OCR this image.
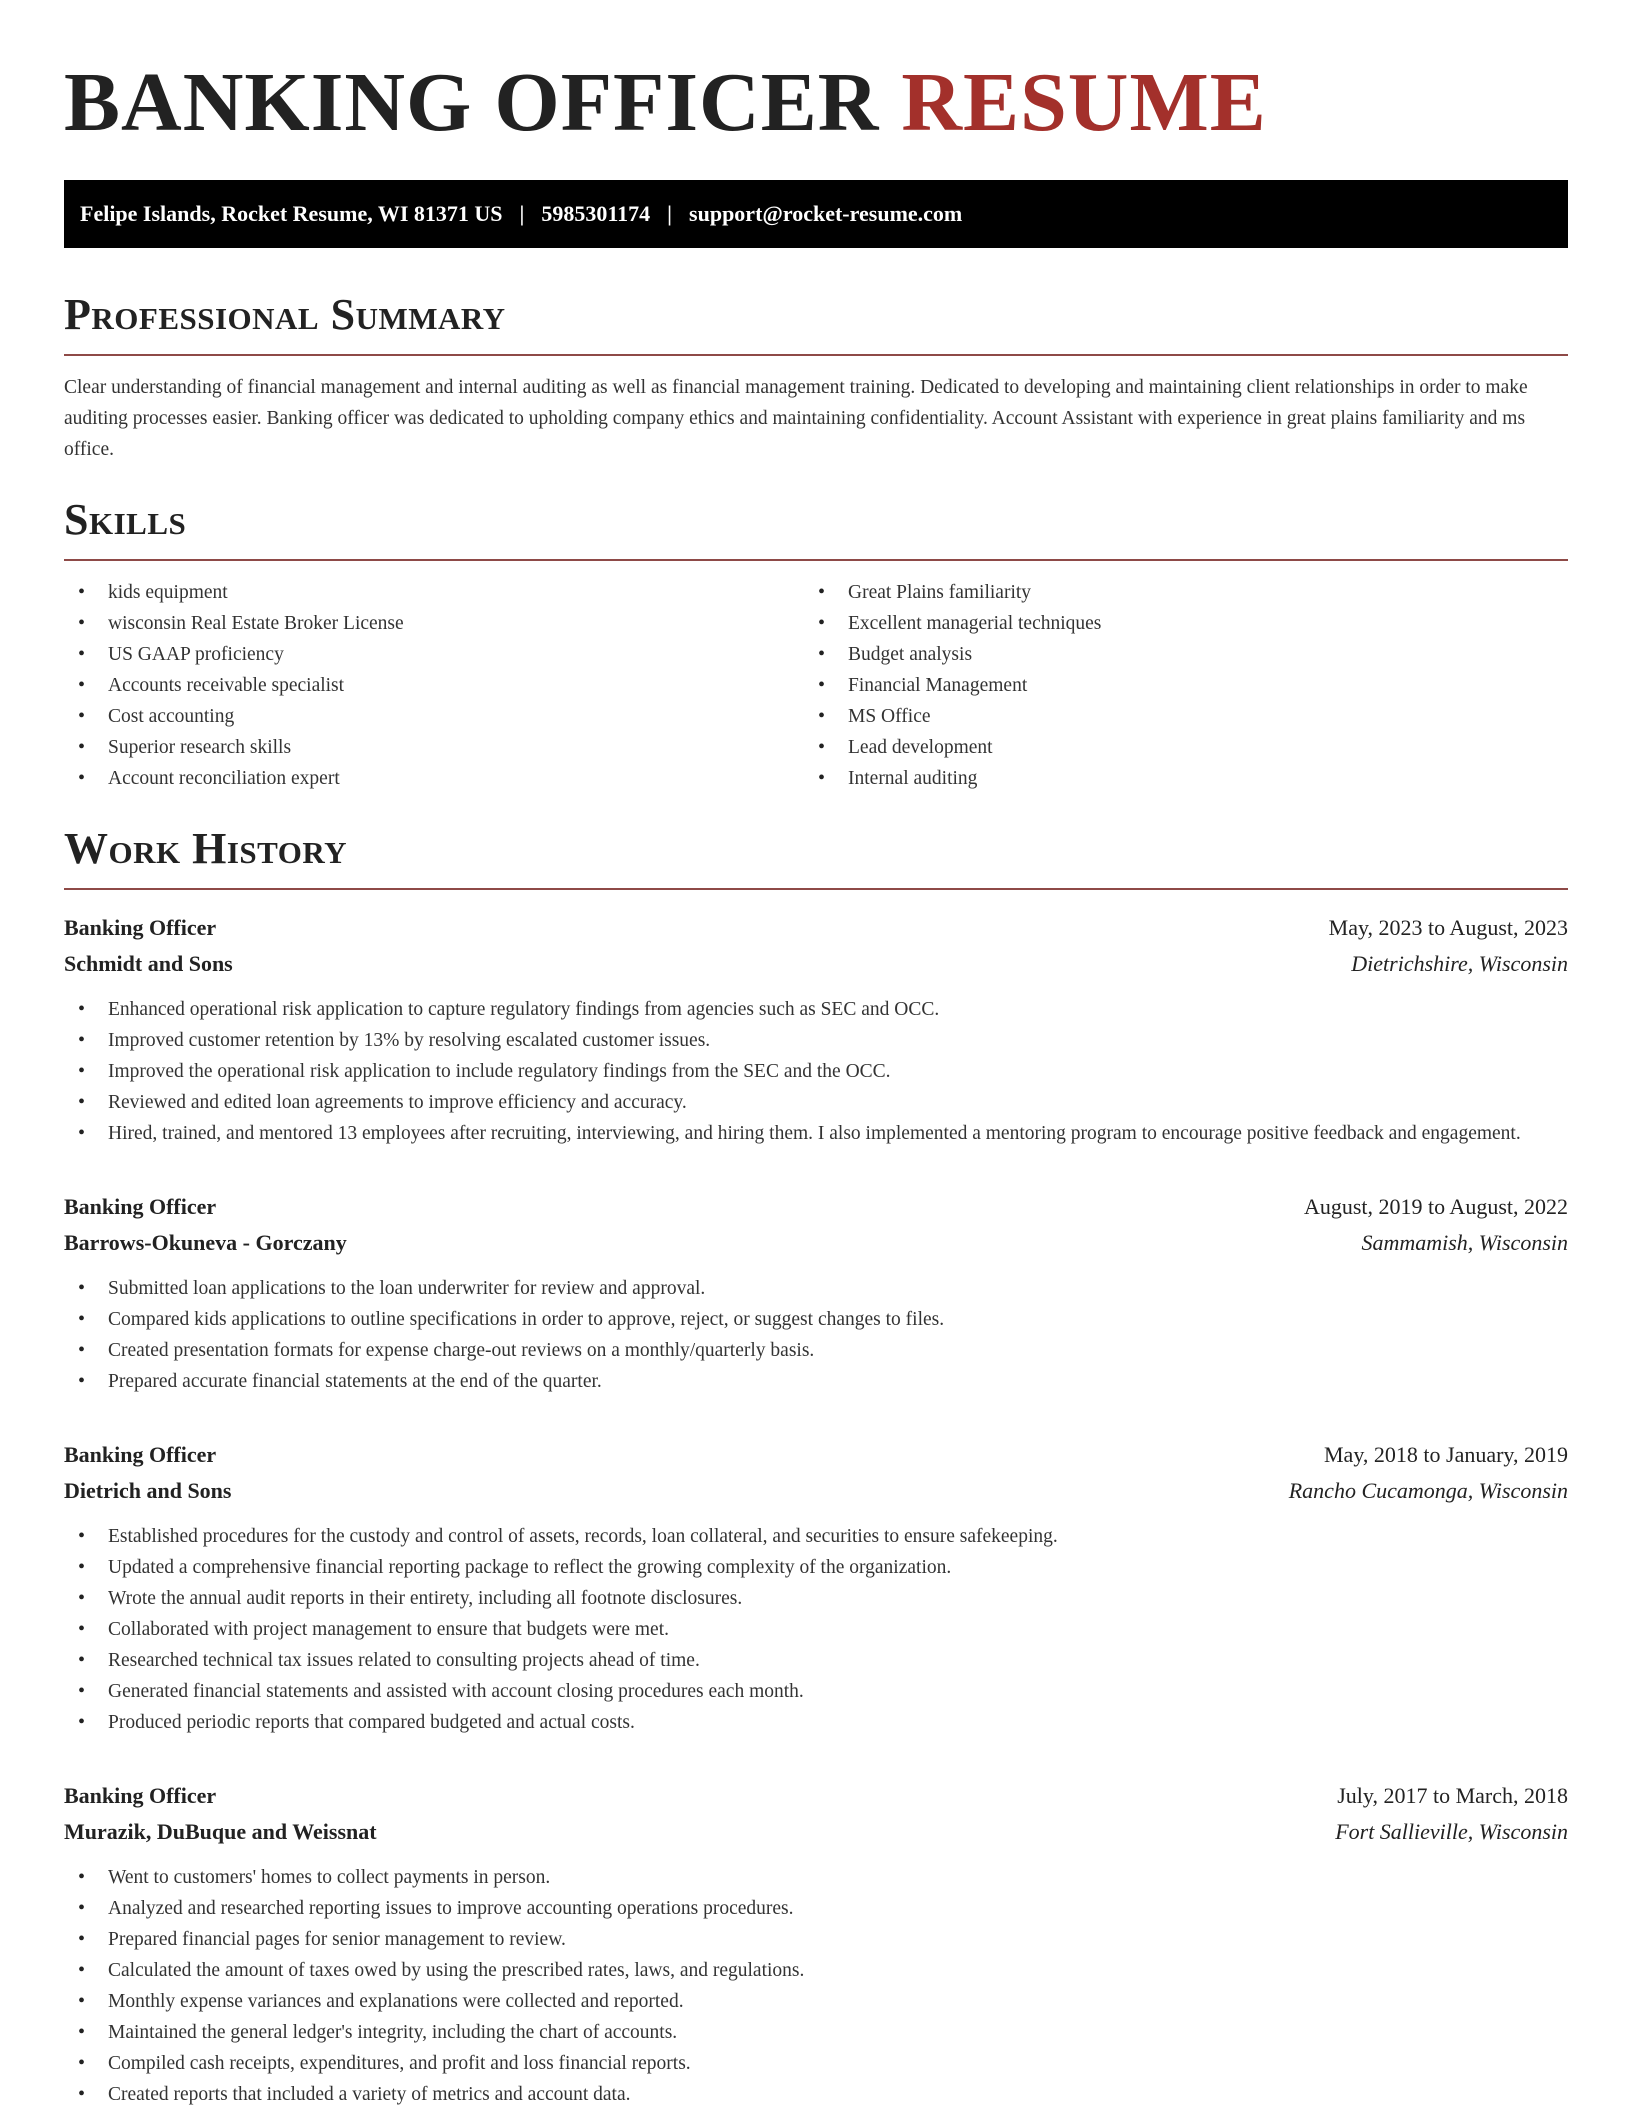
BANKING OFFICER RESUME
Felipe Islands, Rocket Resume, WI 81371 US | 5985301174 | support@rocket-resume.com
Professional Summary

Clear understanding of financial management and internal auditing as well as financial management training. Dedicated to developing and maintaining client relationships in order to make auditing processes easier. Banking officer was dedicated to upholding company ethics and maintaining confidentiality. Account Assistant with experience in great plains familiarity and ms office.

Skills
• kids equipment
• wisconsin Real Estate Broker License
• US GAAP proficiency
• Accounts receivable specialist
• Cost accounting
• Superior research skills
• Account reconciliation expert
• Great Plains familiarity
• Excellent managerial techniques
• Budget analysis
• Financial Management
• MS Office
• Lead development
• Internal auditing
Work History
Banking Officer	May, 2023 to August, 2023
Schmidt and Sons	Dietrichshire, Wisconsin
• Enhanced operational risk application to capture regulatory findings from agencies such as SEC and OCC.
• Improved customer retention by 13% by resolving escalated customer issues.
• Improved the operational risk application to include regulatory findings from the SEC and the OCC.
• Reviewed and edited loan agreements to improve efficiency and accuracy.
• Hired, trained, and mentored 13 employees after recruiting, interviewing, and hiring them. I also implemented a mentoring program to encourage positive feedback and engagement.
Banking Officer	August, 2019 to August, 2022
Barrows-Okuneva - Gorczany	Sammamish, Wisconsin
• Submitted loan applications to the loan underwriter for review and approval.
• Compared kids applications to outline specifications in order to approve, reject, or suggest changes to files.
• Created presentation formats for expense charge-out reviews on a monthly/quarterly basis.
• Prepared accurate financial statements at the end of the quarter.
Banking Officer	May, 2018 to January, 2019
Dietrich and Sons	Rancho Cucamonga, Wisconsin
• Established procedures for the custody and control of assets, records, loan collateral, and securities to ensure safekeeping.
• Updated a comprehensive financial reporting package to reflect the growing complexity of the organization.
• Wrote the annual audit reports in their entirety, including all footnote disclosures.
• Collaborated with project management to ensure that budgets were met.
• Researched technical tax issues related to consulting projects ahead of time.
• Generated financial statements and assisted with account closing procedures each month.
• Produced periodic reports that compared budgeted and actual costs.
Banking Officer	July, 2017 to March, 2018
Murazik, DuBuque and Weissnat	Fort Sallieville, Wisconsin
• Went to customers' homes to collect payments in person.
• Analyzed and researched reporting issues to improve accounting operations procedures.
• Prepared financial pages for senior management to review.
• Calculated the amount of taxes owed by using the prescribed rates, laws, and regulations.
• Monthly expense variances and explanations were collected and reported.
• Maintained the general ledger's integrity, including the chart of accounts.
• Compiled cash receipts, expenditures, and profit and loss financial reports.
• Created reports that included a variety of metrics and account data.
